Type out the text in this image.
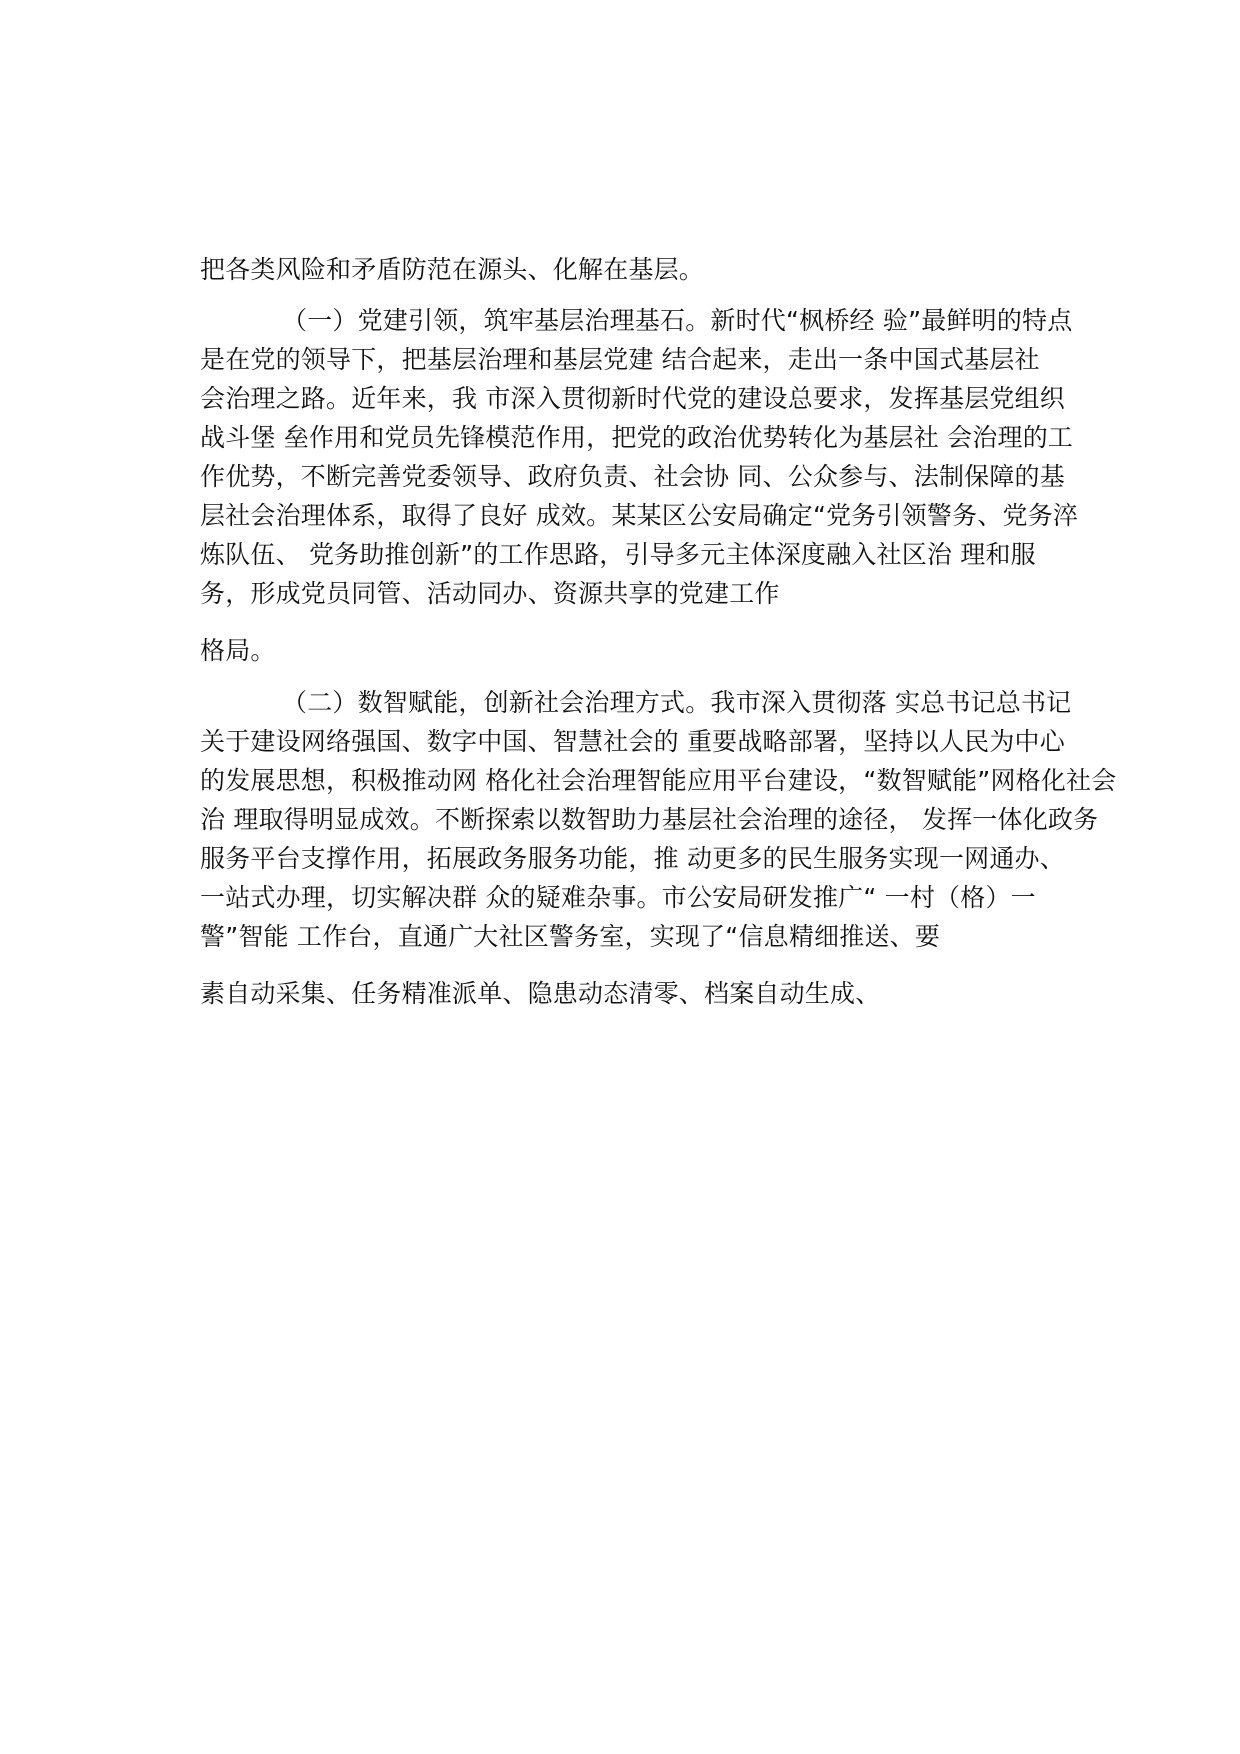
把各类风险和矛盾防范在源头、化解在基层。
（一）党建引领，筑牢基层治理基石。新时代“枫桥经 验”最鲜明的特点
是在党的领导下，把基层治理和基层党建 结合起来，走出一条中国式基层社
会治理之路。近年来，我 市深入贯彻新时代党的建设总要求，发挥基层党组织
战斗堡 垒作用和党员先锋模范作用，把党的政治优势转化为基层社 会治理的工
作优势，不断完善党委领导、政府负责、社会协 同、公众参与、法制保障的基
层社会治理体系，取得了良好 成效。某某区公安局确定“党务引领警务、党务淬
炼队伍、 党务助推创新”的工作思路，引导多元主体深度融入社区治 理和服
务，形成党员同管、活动同办、资源共享的党建工作
格局。
（二）数智赋能，创新社会治理方式。我市深入贯彻落 实总书记总书记
关于建设网络强国、数字中国、智慧社会的 重要战略部署，坚持以人民为中心
的发展思想，积极推动网 格化社会治理智能应用平台建设，“数智赋能”网格化社会
治 理取得明显成效。不断探索以数智助力基层社会治理的途径， 发挥一体化政务
服务平台支撑作用，拓展政务服务功能，推 动更多的民生服务实现一网通办、
一站式办理，切实解决群 众的疑难杂事。市公安局研发推广“ 一村（格）一
警”智能 工作台，直通广大社区警务室，实现了“信息精细推送、要
素自动采集、任务精准派单、隐患动态清零、档案自动生成、
